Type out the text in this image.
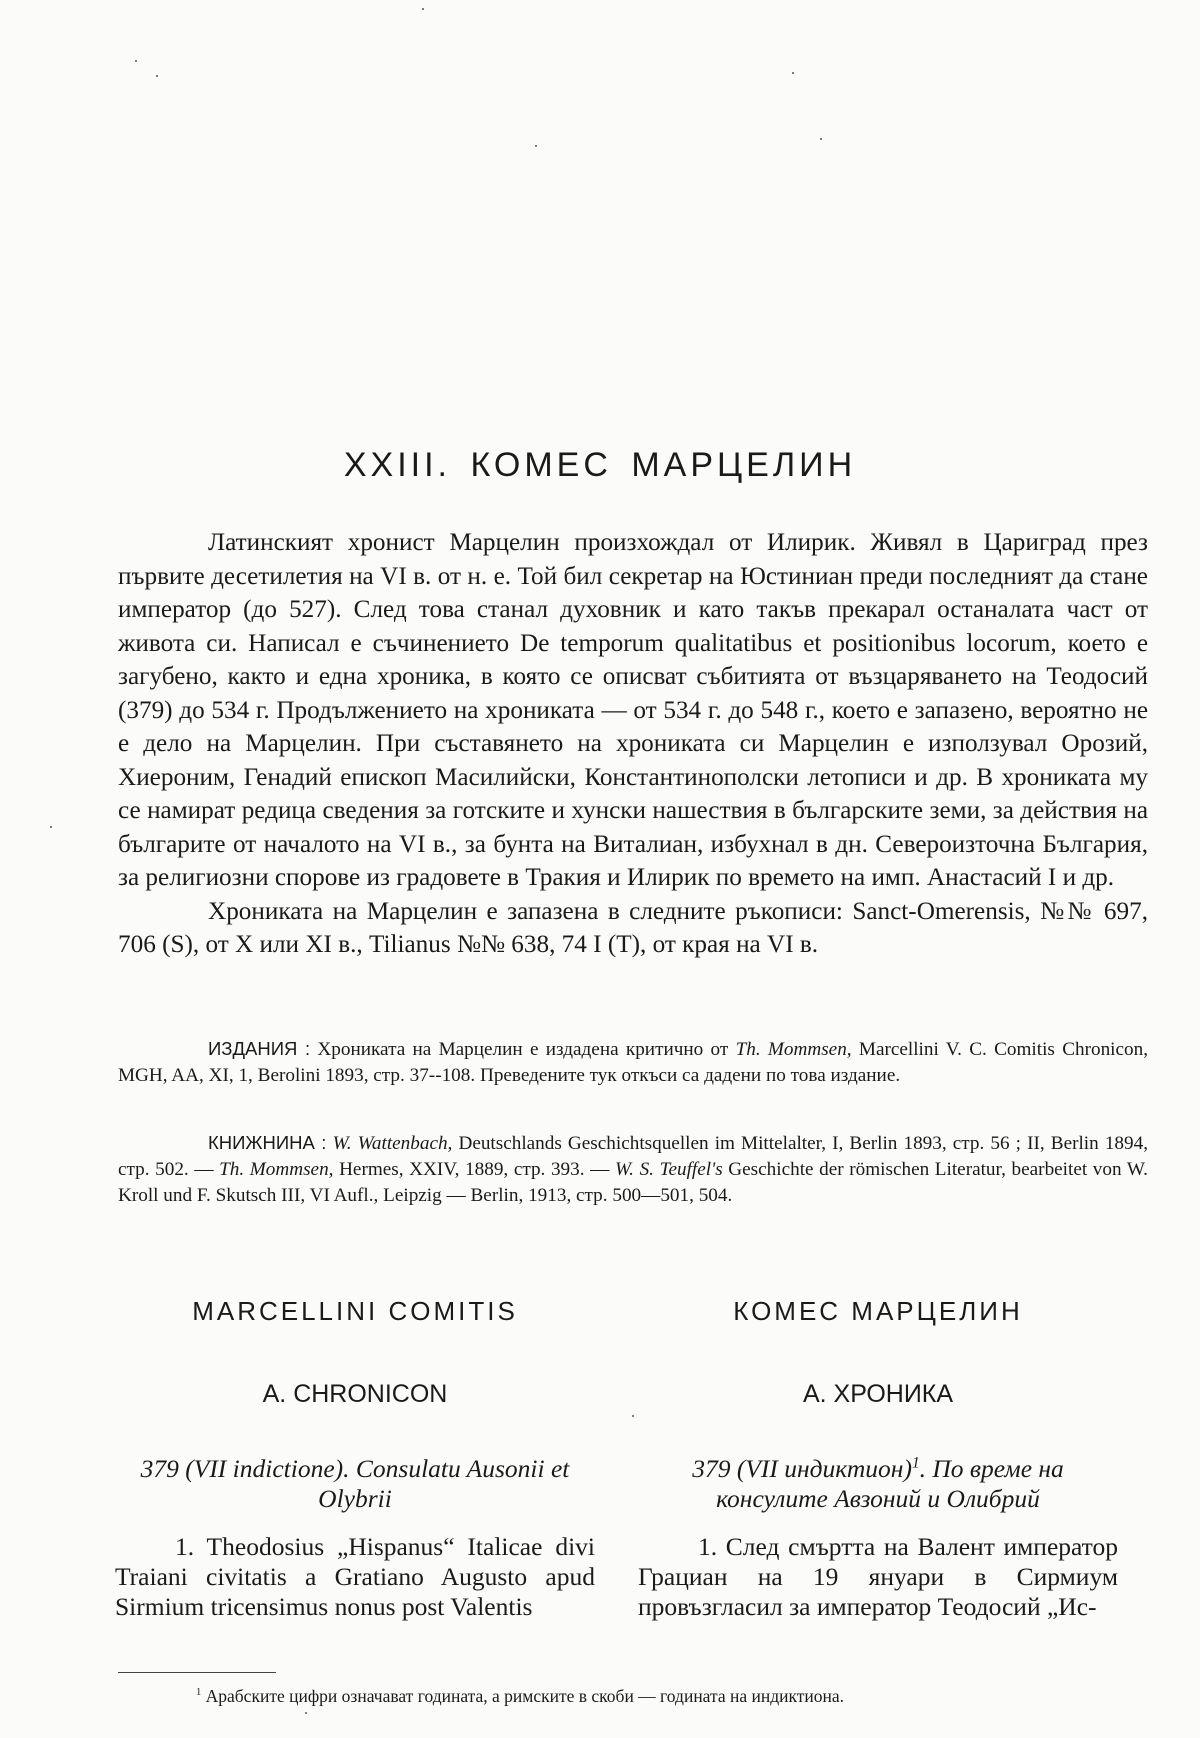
XXIII. КОМЕС МАРЦЕЛИН

Латинският хронист Марцелин произхождал от Илирик. Живял в Цариград през първите десетилетия на VI в. от н. е. Той бил секретар на Юстиниан преди последният да стане император (до 527). След това станал духовник и като такъв прекарал останалата част от живота си. Написал е съчинението De temporum qualitatibus et positionibus locorum, което е загубено, както и една хроника, в която се описват събитията от възцаряването на Теодосий (379) до 534 г. Продължението на хрониката — от 534 г. до 548 г., което е запазено, вероятно не е дело на Марцелин. При съставянето на хрониката си Марцелин е използувал Орозий, Хиероним, Генадий епископ Масилийски, Константинополски летописи и др. В хрониката му се намират редица сведения за готските и хунски нашествия в българските земи, за действия на българите от началото на VI в., за бунта на Виталиан, избухнал в дн. Североизточна България, за религиозни спорове из градовете в Тракия и Илирик по времето на имп. Анастасий I и др.

Хрониката на Марцелин е запазена в следните ръкописи: Sanct-Omerensis, №№ 697, 706 (S), от X или XI в., Tilianus №№ 638, 74 I (T), от края на VI в.

ИЗДАНИЯ : Хрониката на Марцелин е издадена критично от Th. Mommsen, Marcellini V. C. Comitis Chronicon, MGH, AA, XI, 1, Berolini 1893, стр. 37--108. Преведените тук откъси са дадени по това издание.

КНИЖНИНА : W. Wattenbach, Deutschlands Geschichtsquellen im Mittelalter, I, Berlin 1893, стр. 56 ; II, Berlin 1894, стр. 502. — Th. Mommsen, Hermes, XXIV, 1889, стр. 393. — W. S. Teuffel's Geschichte der römischen Literatur, bearbeitet von W. Kroll und F. Skutsch III, VI Aufl., Leipzig — Berlin, 1913, стр. 500—501, 504.

MARCELLINI COMITIS
A. CHRONICON

379 (VII indictione). Consulatu Ausonii et Olybrii

1. Theodosius „Hispanus“ Italicae divi Traiani civitatis a Gratiano Augusto apud Sirmium tricensimus nonus post Valentis

КОМЕС МАРЦЕЛИН
А. ХРОНИКА

379 (VII индиктион)$^1$. По време на консулите Авзоний и Олибрий

1. След смъртта на Валент император Грациан на 19 януари в Сирмиум провъзгласил за император Теодосий „Ис-

$^1$ Арабските цифри означават годината, а римските в скоби — годината на индиктиона.
